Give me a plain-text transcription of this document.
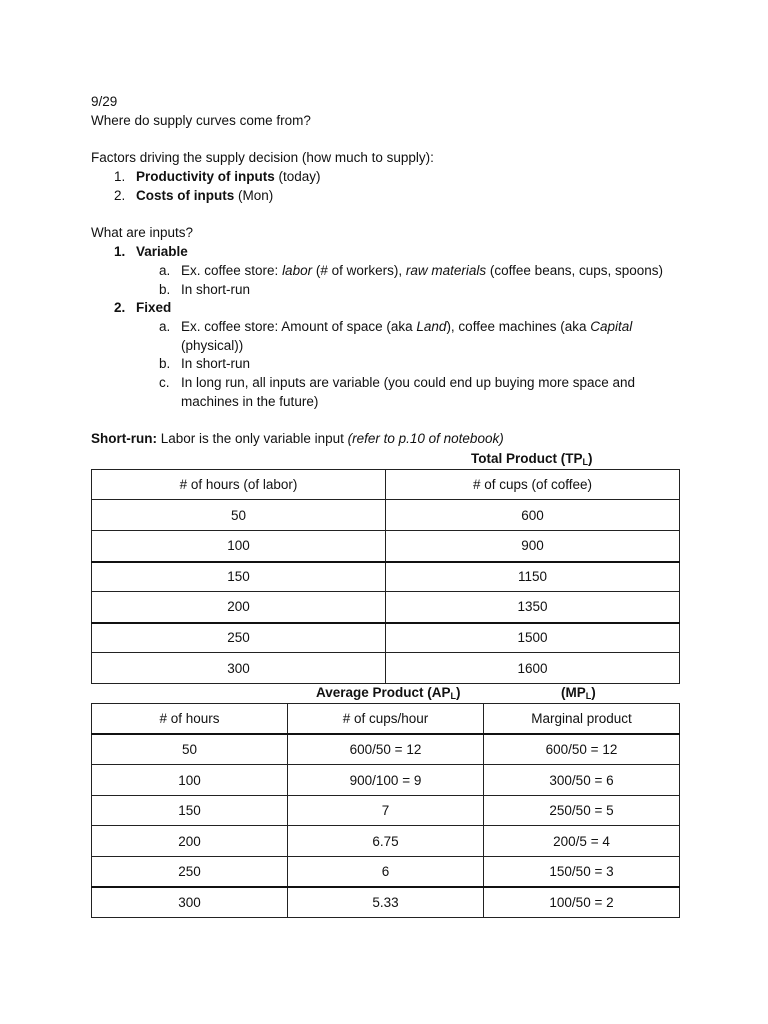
9/29
Where do supply curves come from?
Factors driving the supply decision (how much to supply):
1. Productivity of inputs (today)
2. Costs of inputs (Mon)
What are inputs?
1. Variable
a. Ex. coffee store: labor (# of workers), raw materials (coffee beans, cups, spoons)
b. In short-run
2. Fixed
a. Ex. coffee store: Amount of space (aka Land), coffee machines (aka Capital
(physical))
b. In short-run
c. In long run, all inputs are variable (you could end up buying more space and
machines in the future)
Short-run: Labor is the only variable input (refer to p.10 of notebook)
Total Product $(TP_L)$
# of hours (of labor)	# of cups (of coffee)
50	600
100	900
150	1150
200	1350
250	1500
300	1600
Average Product $(AP_L)$	$(MP_L)$
# of hours	# of cups/hour	Marginal product
50	600/50 = 12	600/50 = 12
100	900/100 = 9	300/50 = 6
150	7	250/50 = 5
200	6.75	200/5 = 4
250	6	150/50 = 3
300	5.33	100/50 = 2
